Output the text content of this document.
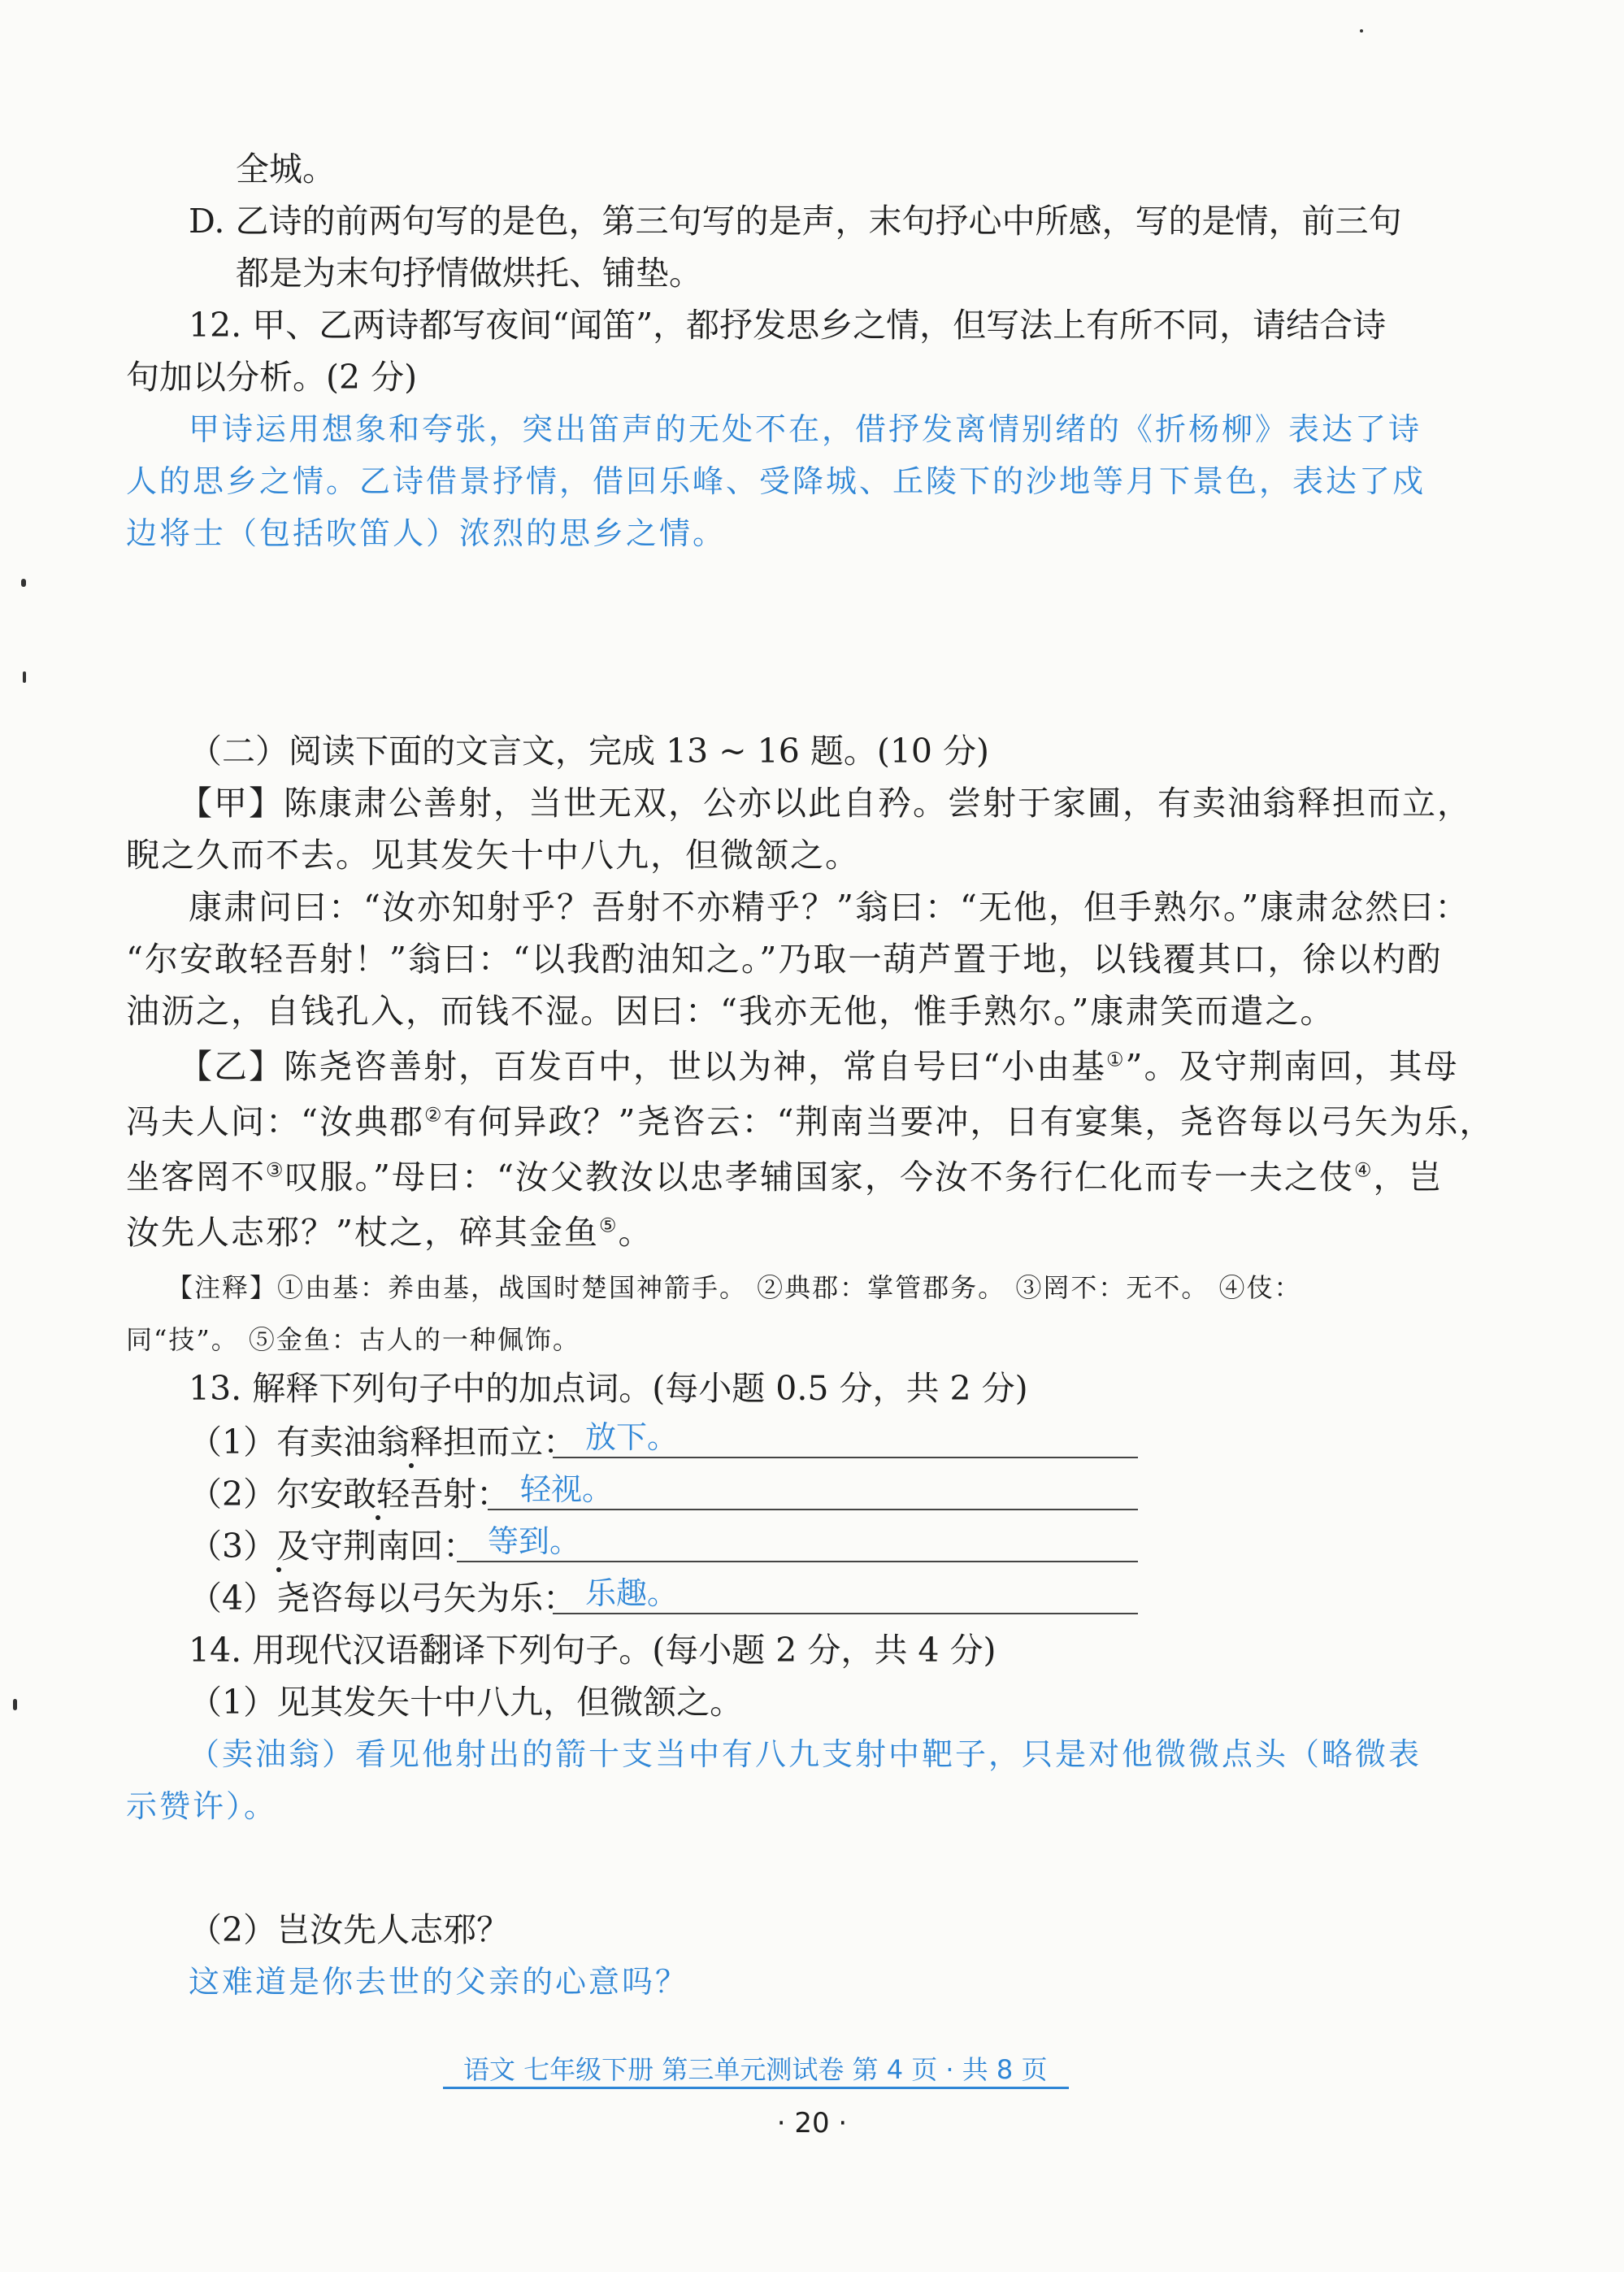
全城。
D. 乙诗的前两句写的是色，第三句写的是声，末句抒心中所感，写的是情，前三句
都是为末句抒情做烘托、铺垫。
12. 甲、乙两诗都写夜间“闻笛”，都抒发思乡之情，但写法上有所不同，请结合诗
句加以分析。(2 分)
甲诗运用想象和夸张，突出笛声的无处不在，借抒发离情别绪的《折杨柳》表达了诗
人的思乡之情。乙诗借景抒情，借回乐峰、受降城、丘陵下的沙地等月下景色，表达了戍
边将士（包括吹笛人）浓烈的思乡之情。
（二）阅读下面的文言文，完成 13 ~ 16 题。(10 分)
【甲】陈康肃公善射，当世无双，公亦以此自矜。尝射于家圃，有卖油翁释担而立，
睨之久而不去。见其发矢十中八九，但微颔之。
康肃问曰：“汝亦知射乎？吾射不亦精乎？”翁曰：“无他，但手熟尔。”康肃忿然曰：
“尔安敢轻吾射！”翁曰：“以我酌油知之。”乃取一葫芦置于地，以钱覆其口，徐以杓酌
油沥之，自钱孔入，而钱不湿。因曰：“我亦无他，惟手熟尔。”康肃笑而遣之。
【乙】陈尧咨善射，百发百中，世以为神，常自号曰“小由基①”。及守荆南回，其母
冯夫人问：“汝典郡②有何异政？”尧咨云：“荆南当要冲，日有宴集，尧咨每以弓矢为乐，
坐客罔不③叹服。”母曰：“汝父教汝以忠孝辅国家，今汝不务行仁化而专一夫之伎④，岂
汝先人志邪？”杖之，碎其金鱼⑤。
【注释】①由基：养由基，战国时楚国神箭手。 ②典郡：掌管郡务。 ③罔不：无不。 ④伎：
同“技”。 ⑤金鱼：古人的一种佩饰。
13. 解释下列句子中的加点词。(每小题 0.5 分，共 2 分)
（1）有卖油翁释担而立： 放下。
（2）尔安敢轻吾射： 轻视。
（3）及守荆南回： 等到。
（4）尧咨每以弓矢为乐： 乐趣。
14. 用现代汉语翻译下列句子。(每小题 2 分，共 4 分)
（1）见其发矢十中八九，但微颔之。
（卖油翁）看见他射出的箭十支当中有八九支射中靶子，只是对他微微点头（略微表
示赞许）。
（2）岂汝先人志邪？
这难道是你去世的父亲的心意吗？
语文 七年级下册 第三单元测试卷 第 4 页 · 共 8 页
· 20 ·
